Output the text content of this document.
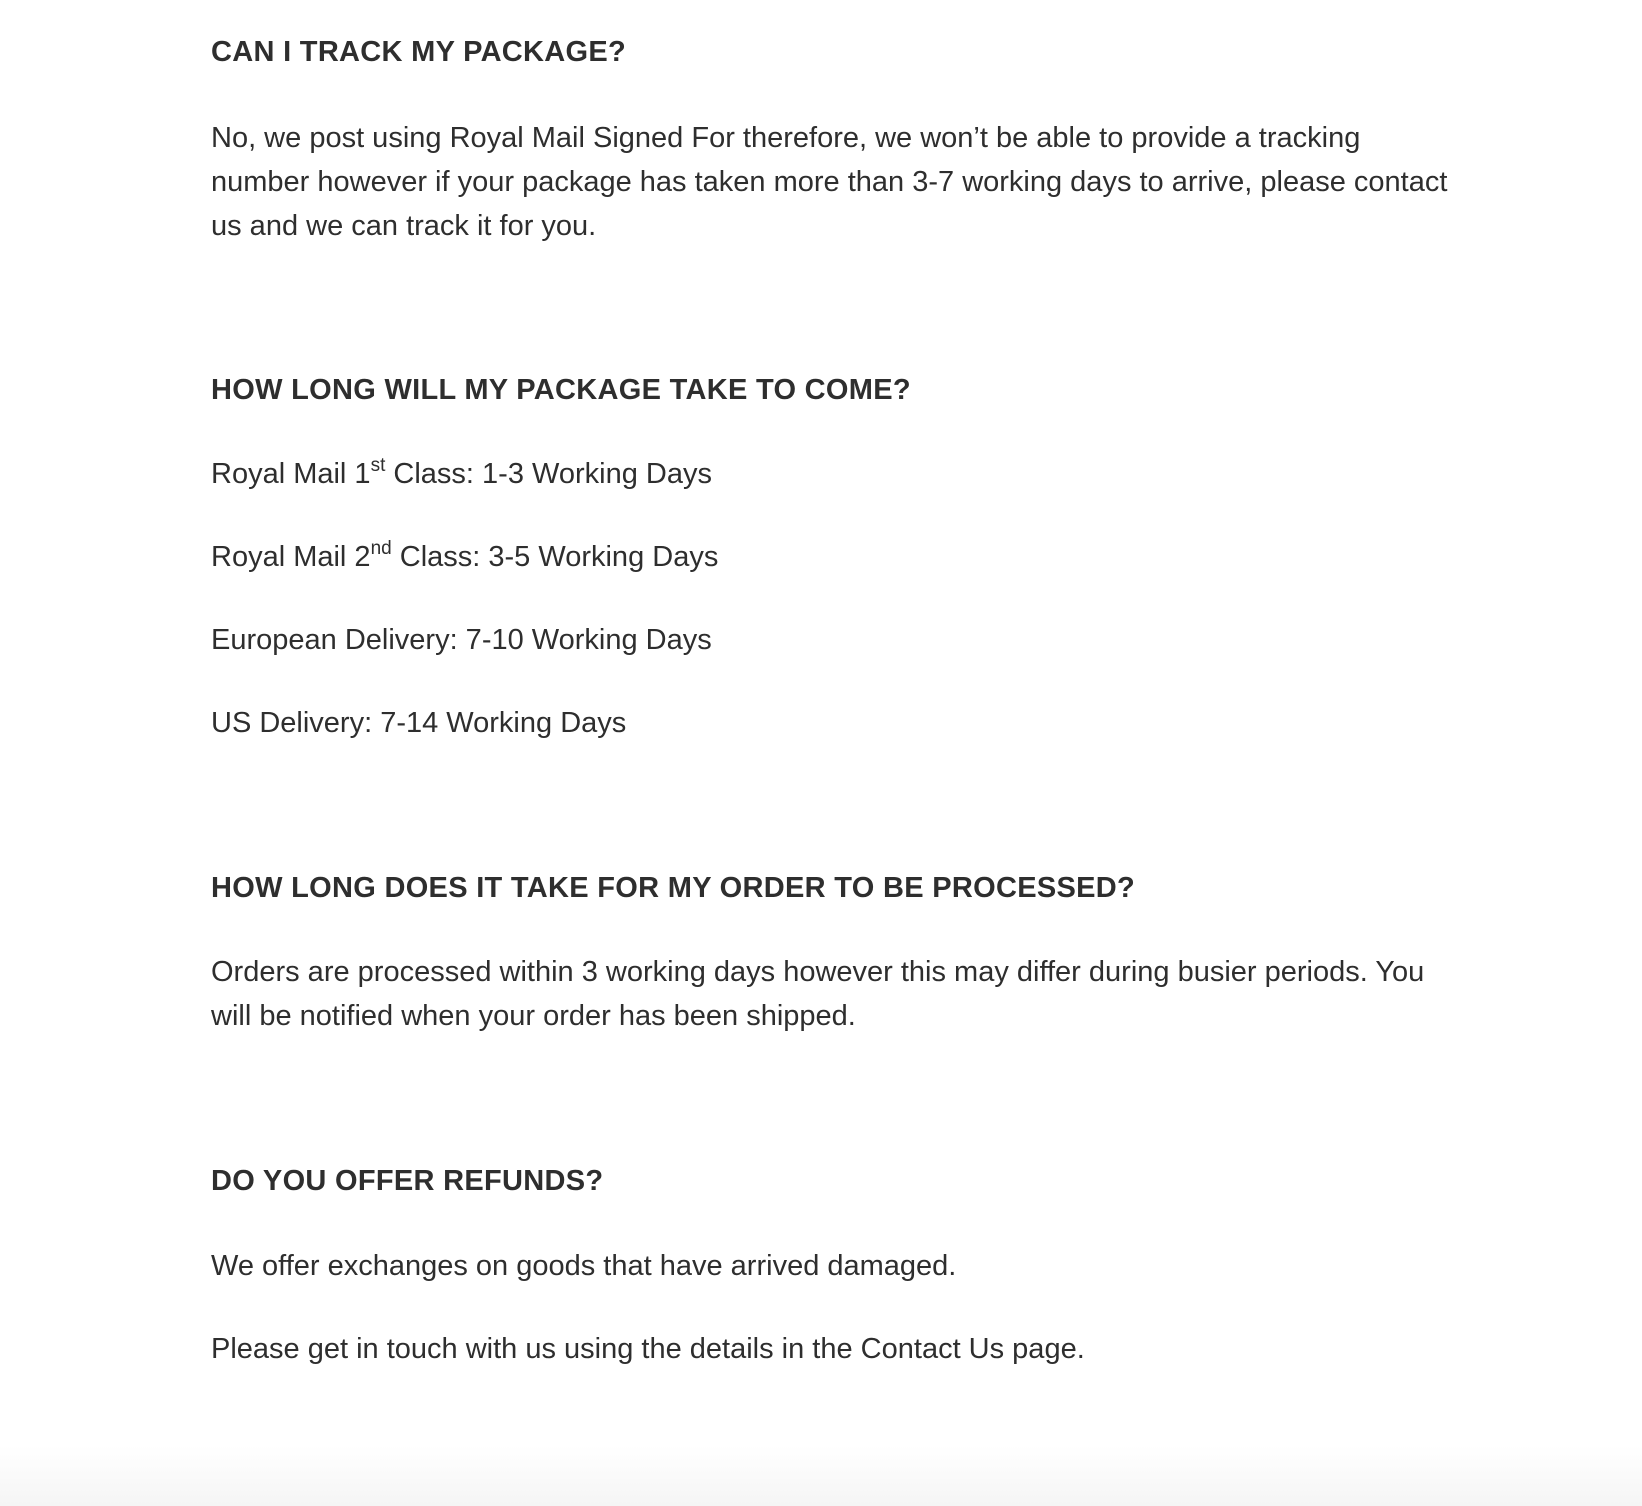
CAN I TRACK MY PACKAGE?

No, we post using Royal Mail Signed For therefore, we won’t be able to provide a tracking number however if your package has taken more than 3-7 working days to arrive, please contact us and we can track it for you.

HOW LONG WILL MY PACKAGE TAKE TO COME?

Royal Mail 1st Class: 1-3 Working Days

Royal Mail 2nd Class: 3-5 Working Days

European Delivery: 7-10 Working Days

US Delivery: 7-14 Working Days

HOW LONG DOES IT TAKE FOR MY ORDER TO BE PROCESSED?

Orders are processed within 3 working days however this may differ during busier periods. You will be notified when your order has been shipped.

DO YOU OFFER REFUNDS?

We offer exchanges on goods that have arrived damaged.

Please get in touch with us using the details in the Contact Us page.
